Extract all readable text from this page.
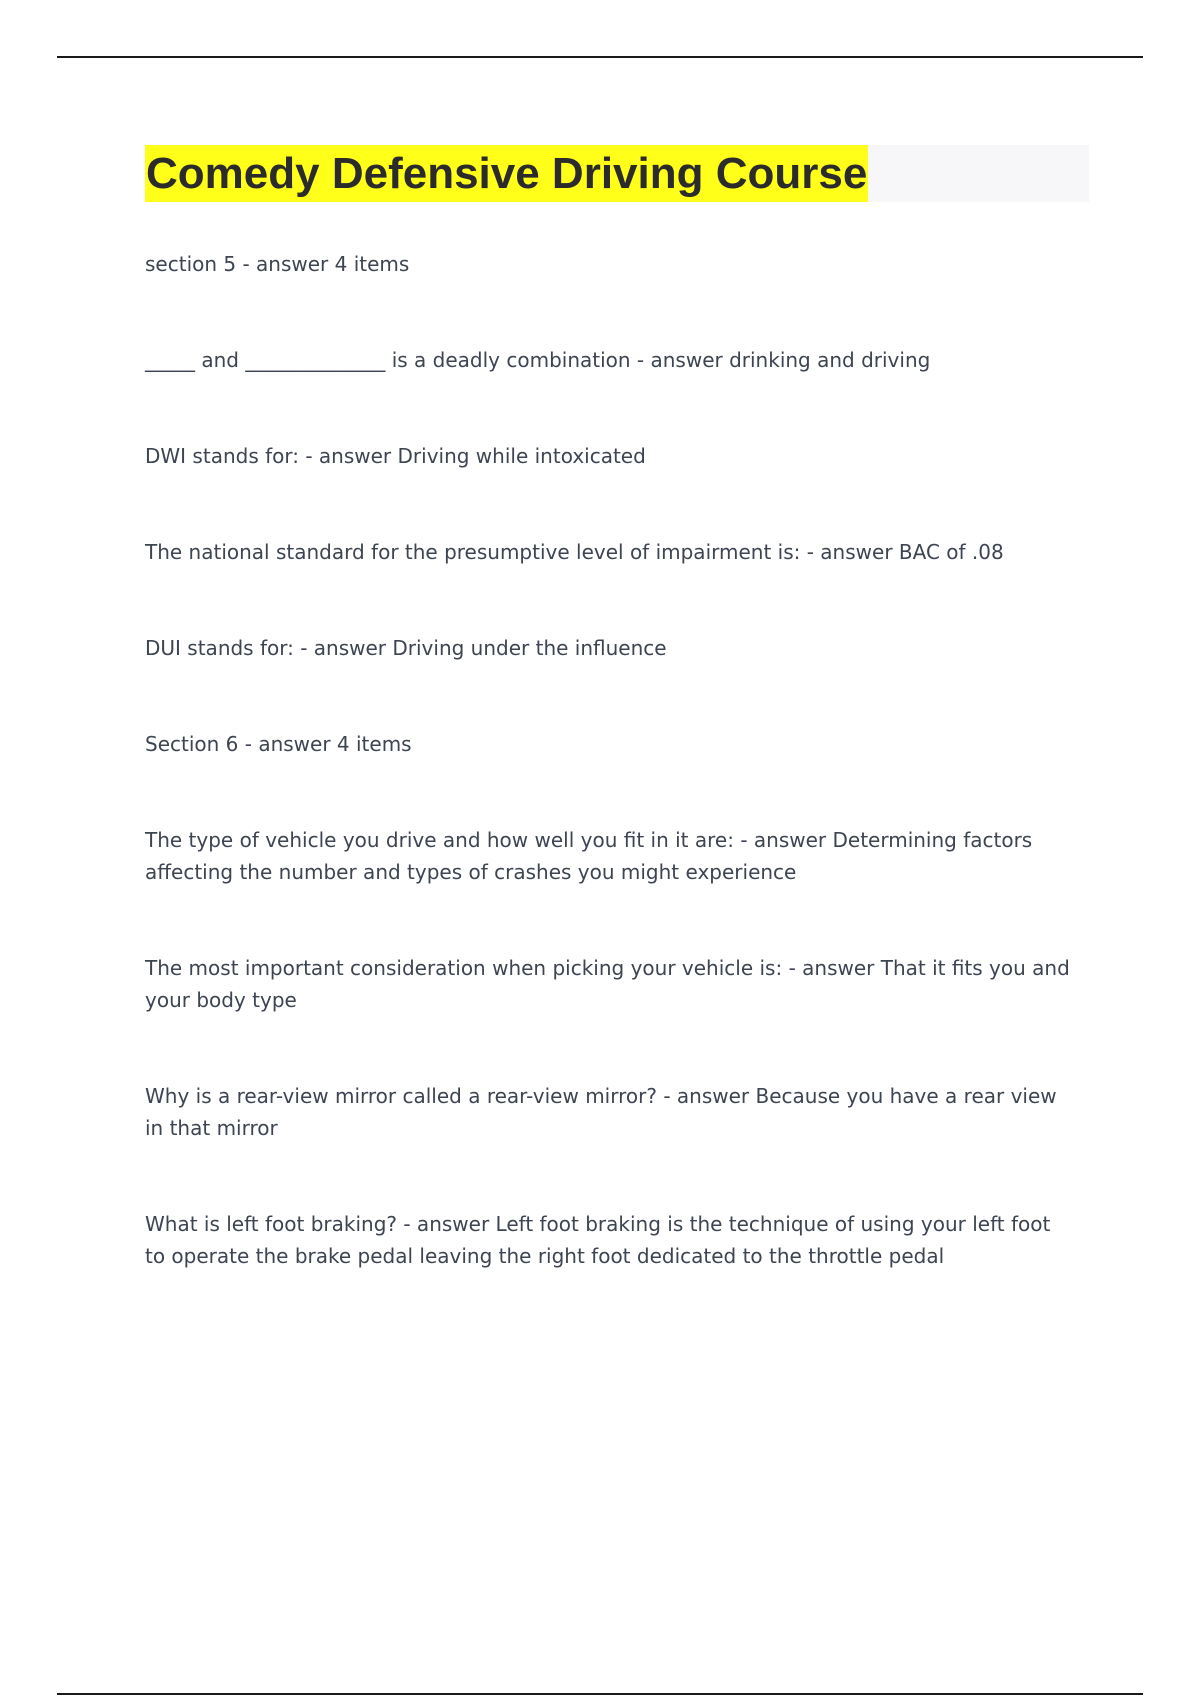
Comedy Defensive Driving Course

section 5 - answer 4 items

_____ and ______________ is a deadly combination - answer drinking and driving

DWI stands for: - answer Driving while intoxicated

The national standard for the presumptive level of impairment is: - answer BAC of .08

DUI stands for: - answer Driving under the influence

Section 6 - answer 4 items

The type of vehicle you drive and how well you fit in it are: - answer Determining factors affecting the number and types of crashes you might experience

The most important consideration when picking your vehicle is: - answer That it fits you and your body type

Why is a rear-view mirror called a rear-view mirror? - answer Because you have a rear view in that mirror

What is left foot braking? - answer Left foot braking is the technique of using your left foot to operate the brake pedal leaving the right foot dedicated to the throttle pedal
